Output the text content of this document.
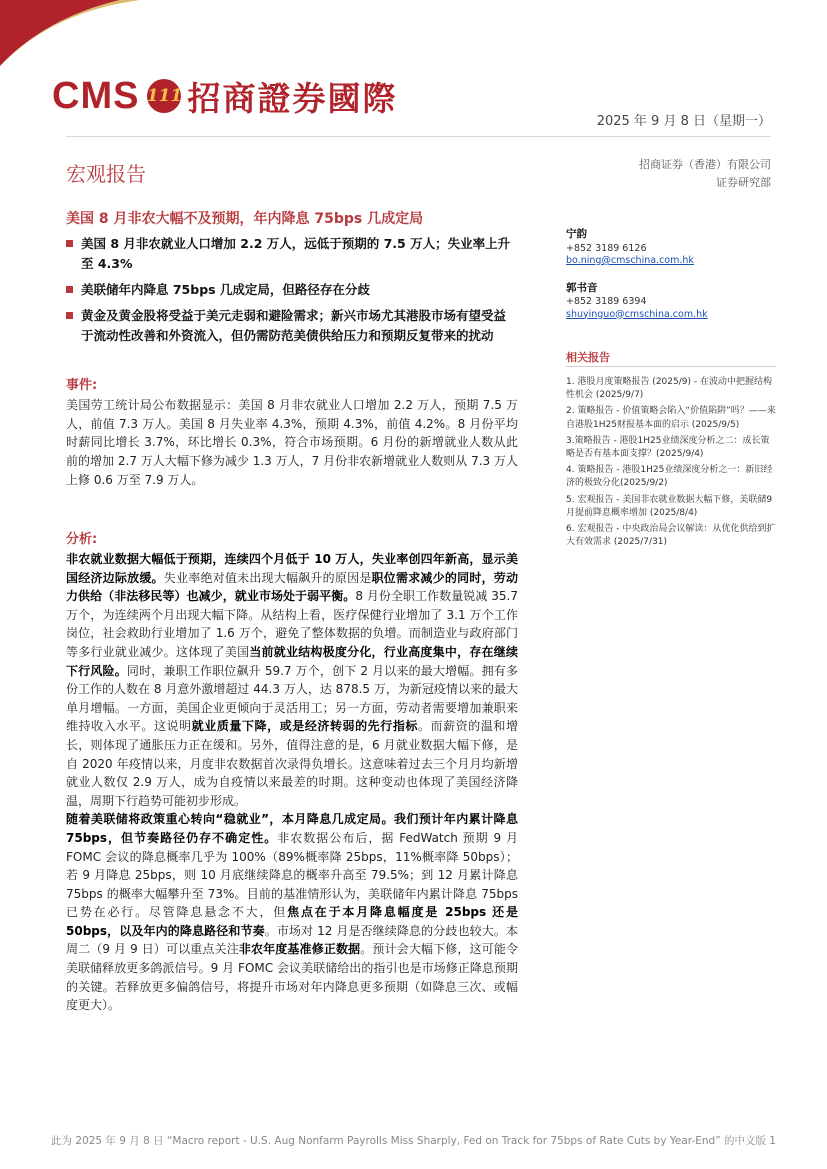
CMS 111 招商證券國際
2025 年 9 月 8 日（星期一）
宏观报告	招商证券（香港）有限公司
证券研究部
美国 8 月非农大幅不及预期，年内降息 75bps 几成定局
美国 8 月非农就业人口增加 2.2 万人，远低于预期的 7.5 万人；失业率上升至 4.3%
美联储年内降息 75bps 几成定局，但路径存在分歧
黄金及黄金股将受益于美元走弱和避险需求；新兴市场尤其港股市场有望受益于流动性改善和外资流入，但仍需防范美债供给压力和预期反复带来的扰动
事件:
美国劳工统计局公布数据显示：美国 8 月非农就业人口增加 2.2 万人，预期 7.5 万人，前值 7.3 万人。美国 8 月失业率 4.3%，预期 4.3%，前值 4.2%。8 月份平均时薪同比增长 3.7%，环比增长 0.3%，符合市场预期。6 月份的新增就业人数从此前的增加 2.7 万人大幅下修为减少 1.3 万人，7 月份非农新增就业人数则从 7.3 万人上修 0.6 万至 7.9 万人。
分析:

非农就业数据大幅低于预期，连续四个月低于 10 万人，失业率创四年新高，显示美国经济边际放缓。失业率绝对值未出现大幅飙升的原因是职位需求减少的同时，劳动力供给（非法移民等）也减少，就业市场处于弱平衡。8 月份全职工作数量锐减 35.7 万个，为连续两个月出现大幅下降。从结构上看，医疗保健行业增加了 3.1 万个工作岗位，社会救助行业增加了 1.6 万个，避免了整体数据的负增。而制造业与政府部门等多行业就业减少。这体现了美国当前就业结构极度分化，行业高度集中，存在继续下行风险。同时，兼职工作职位飙升 59.7 万个，创下 2 月以来的最大增幅。拥有多份工作的人数在 8 月意外激增超过 44.3 万人，达 878.5 万，为新冠疫情以来的最大单月增幅。一方面，美国企业更倾向于灵活用工；另一方面，劳动者需要增加兼职来维持收入水平。这说明就业质量下降，或是经济转弱的先行指标。而薪资的温和增长，则体现了通胀压力正在缓和。另外，值得注意的是，6 月就业数据大幅下修，是自 2020 年疫情以来，月度非农数据首次录得负增长。这意味着过去三个月月均新增就业人数仅 2.9 万人，成为自疫情以来最差的时期。这种变动也体现了美国经济降温，周期下行趋势可能初步形成。

随着美联储将政策重心转向“稳就业”，本月降息几成定局。我们预计年内累计降息 75bps，但节奏路径仍存不确定性。非农数据公布后，据 FedWatch 预期 9 月 FOMC 会议的降息概率几乎为 100%（89%概率降 25bps，11%概率降 50bps）；若 9 月降息 25bps，则 10 月底继续降息的概率升高至 79.5%；到 12 月累计降息 75bps 的概率大幅攀升至 73%。目前的基准情形认为，美联储年内累计降息 75bps 已势在必行。尽管降息悬念不大，但焦点在于本月降息幅度是 25bps 还是 50bps，以及年内的降息路径和节奏。市场对 12 月是否继续降息的分歧也较大。本周二（9 月 9 日）可以重点关注非农年度基准修正数据。预计会大幅下修，这可能令美联储释放更多鸽派信号。9 月 FOMC 会议美联储给出的指引也是市场修正降息预期的关键。若释放更多偏鸽信号，将提升市场对年内降息更多预期（如降息三次、或幅度更大）。

宁韵
+852 3189 6126
bo.ning@cmschina.com.hk
郭书音
+852 3189 6394
shuyinguo@cmschina.com.hk
相关报告
1. 港股月度策略报告 (2025/9) - 在波动中把握结构性机会 (2025/9/7)
2. 策略报告 - 价值策略会陷入“价值陷阱”吗？——来自港股1H25财报基本面的启示 (2025/9/5)
3.策略报告 - 港股1H25业绩深度分析之二：成长策略是否有基本面支撑？(2025/9/4)
4. 策略报告 - 港股1H25业绩深度分析之一：新旧经济的极致分化(2025/9/2)
5. 宏观报告 - 美国非农就业数据大幅下修，美联储9月提前降息概率增加 (2025/8/4)
6. 宏观报告 - 中央政治局会议解读：从优化供给到扩大有效需求 (2025/7/31)
此为 2025 年 9 月 8 日 “Macro report - U.S. Aug Nonfarm Payrolls Miss Sharply, Fed on Track for 75bps of Rate Cuts by Year-End” 的中文版 1
